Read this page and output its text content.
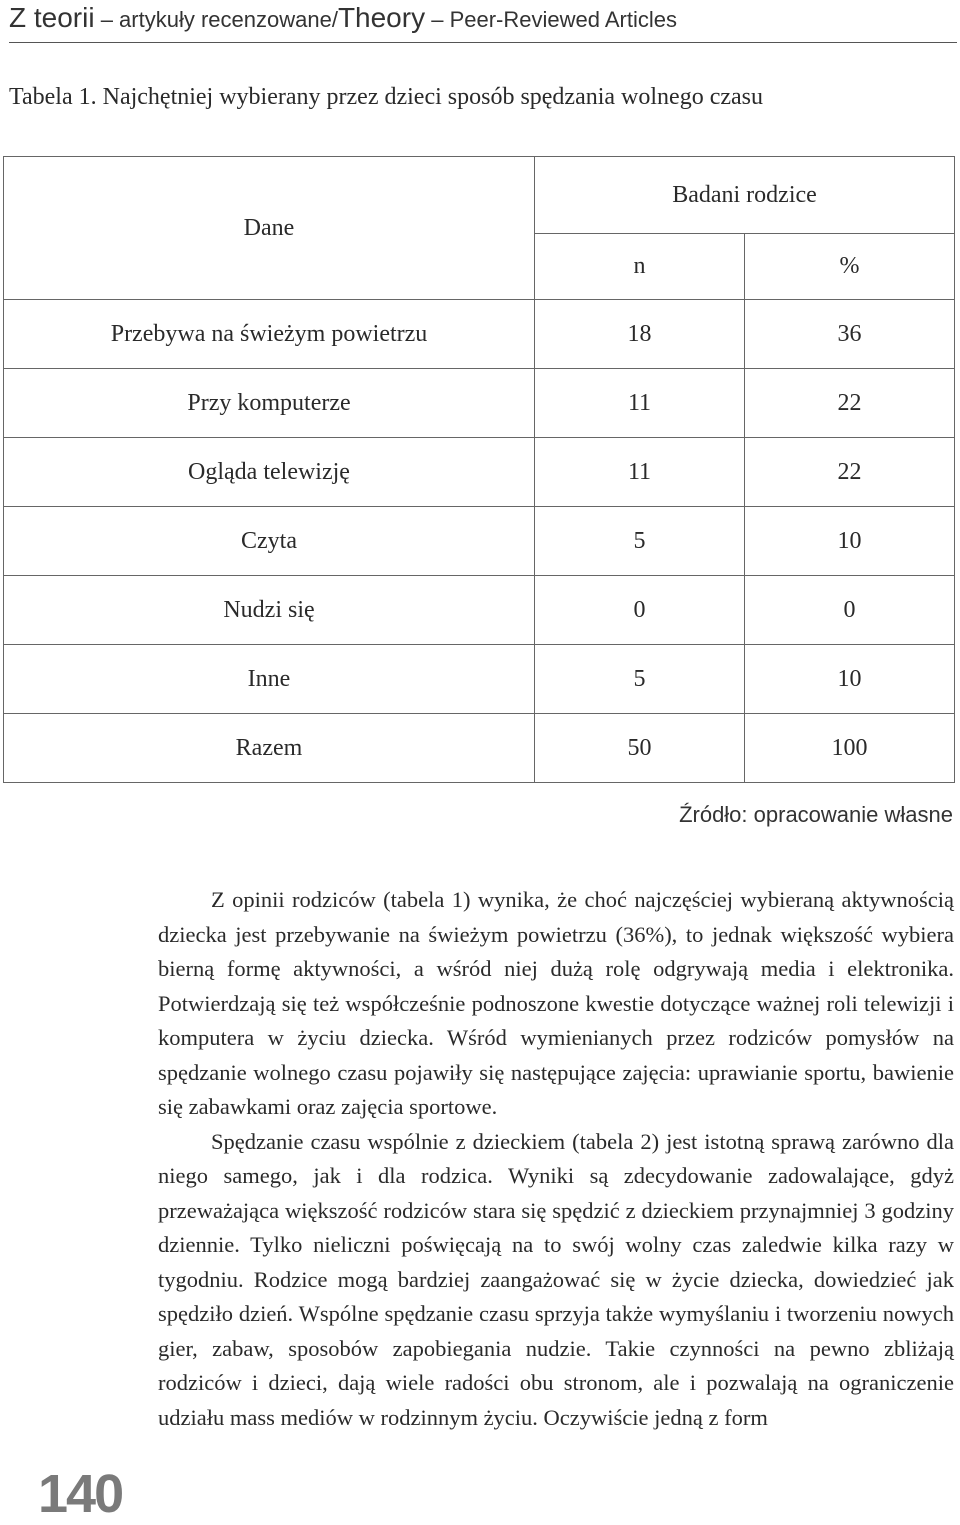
Z teorii – artykuły recenzowane/Theory – Peer-Reviewed Articles
Tabela 1. Najchętniej wybierany przez dzieci sposób spędzania wolnego czasu
Dane	Badani rodzice	
	n	%
Przebywa na świeżym powietrzu	18	36
Przy komputerze	11	22
Ogląda telewizję	11	22
Czyta	5	10
Nudzi się	0	0
Inne	5	10
Razem	50	100
Źródło: opracowanie własne

Z opinii rodziców (tabela 1) wynika, że choć najczęściej wybieraną aktywnością dziecka jest przebywanie na świeżym powietrzu (36%), to jednak większość wybiera bierną formę aktywności, a wśród niej dużą rolę odgrywają media i elektronika. Potwierdzają się też współcześnie podnoszone kwestie dotyczące ważnej roli telewizji i komputera w życiu dziecka. Wśród wymienianych przez rodziców pomysłów na spędzanie wolnego czasu pojawiły się następujące zajęcia: uprawianie sportu, bawienie się zabawkami oraz zajęcia sportowe.

Spędzanie czasu wspólnie z dzieckiem (tabela 2) jest istotną sprawą zarówno dla niego samego, jak i dla rodzica. Wyniki są zdecydowanie zadowalające, gdyż przeważająca większość rodziców stara się spędzić z dzieckiem przynajmniej 3 godziny dziennie. Tylko nieliczni poświęcają na to swój wolny czas zaledwie kilka razy w tygodniu. Rodzice mogą bardziej zaangażować się w życie dziecka, dowiedzieć jak spędziło dzień. Wspólne spędzanie czasu sprzyja także wymyślaniu i tworzeniu nowych gier, zabaw, sposobów zapobiegania nudzie. Takie czynności na pewno zbliżają rodziców i dzieci, dają wiele radości obu stronom, ale i pozwalają na ograniczenie udziału mass mediów w rodzinnym życiu. Oczywiście jedną z form

140
